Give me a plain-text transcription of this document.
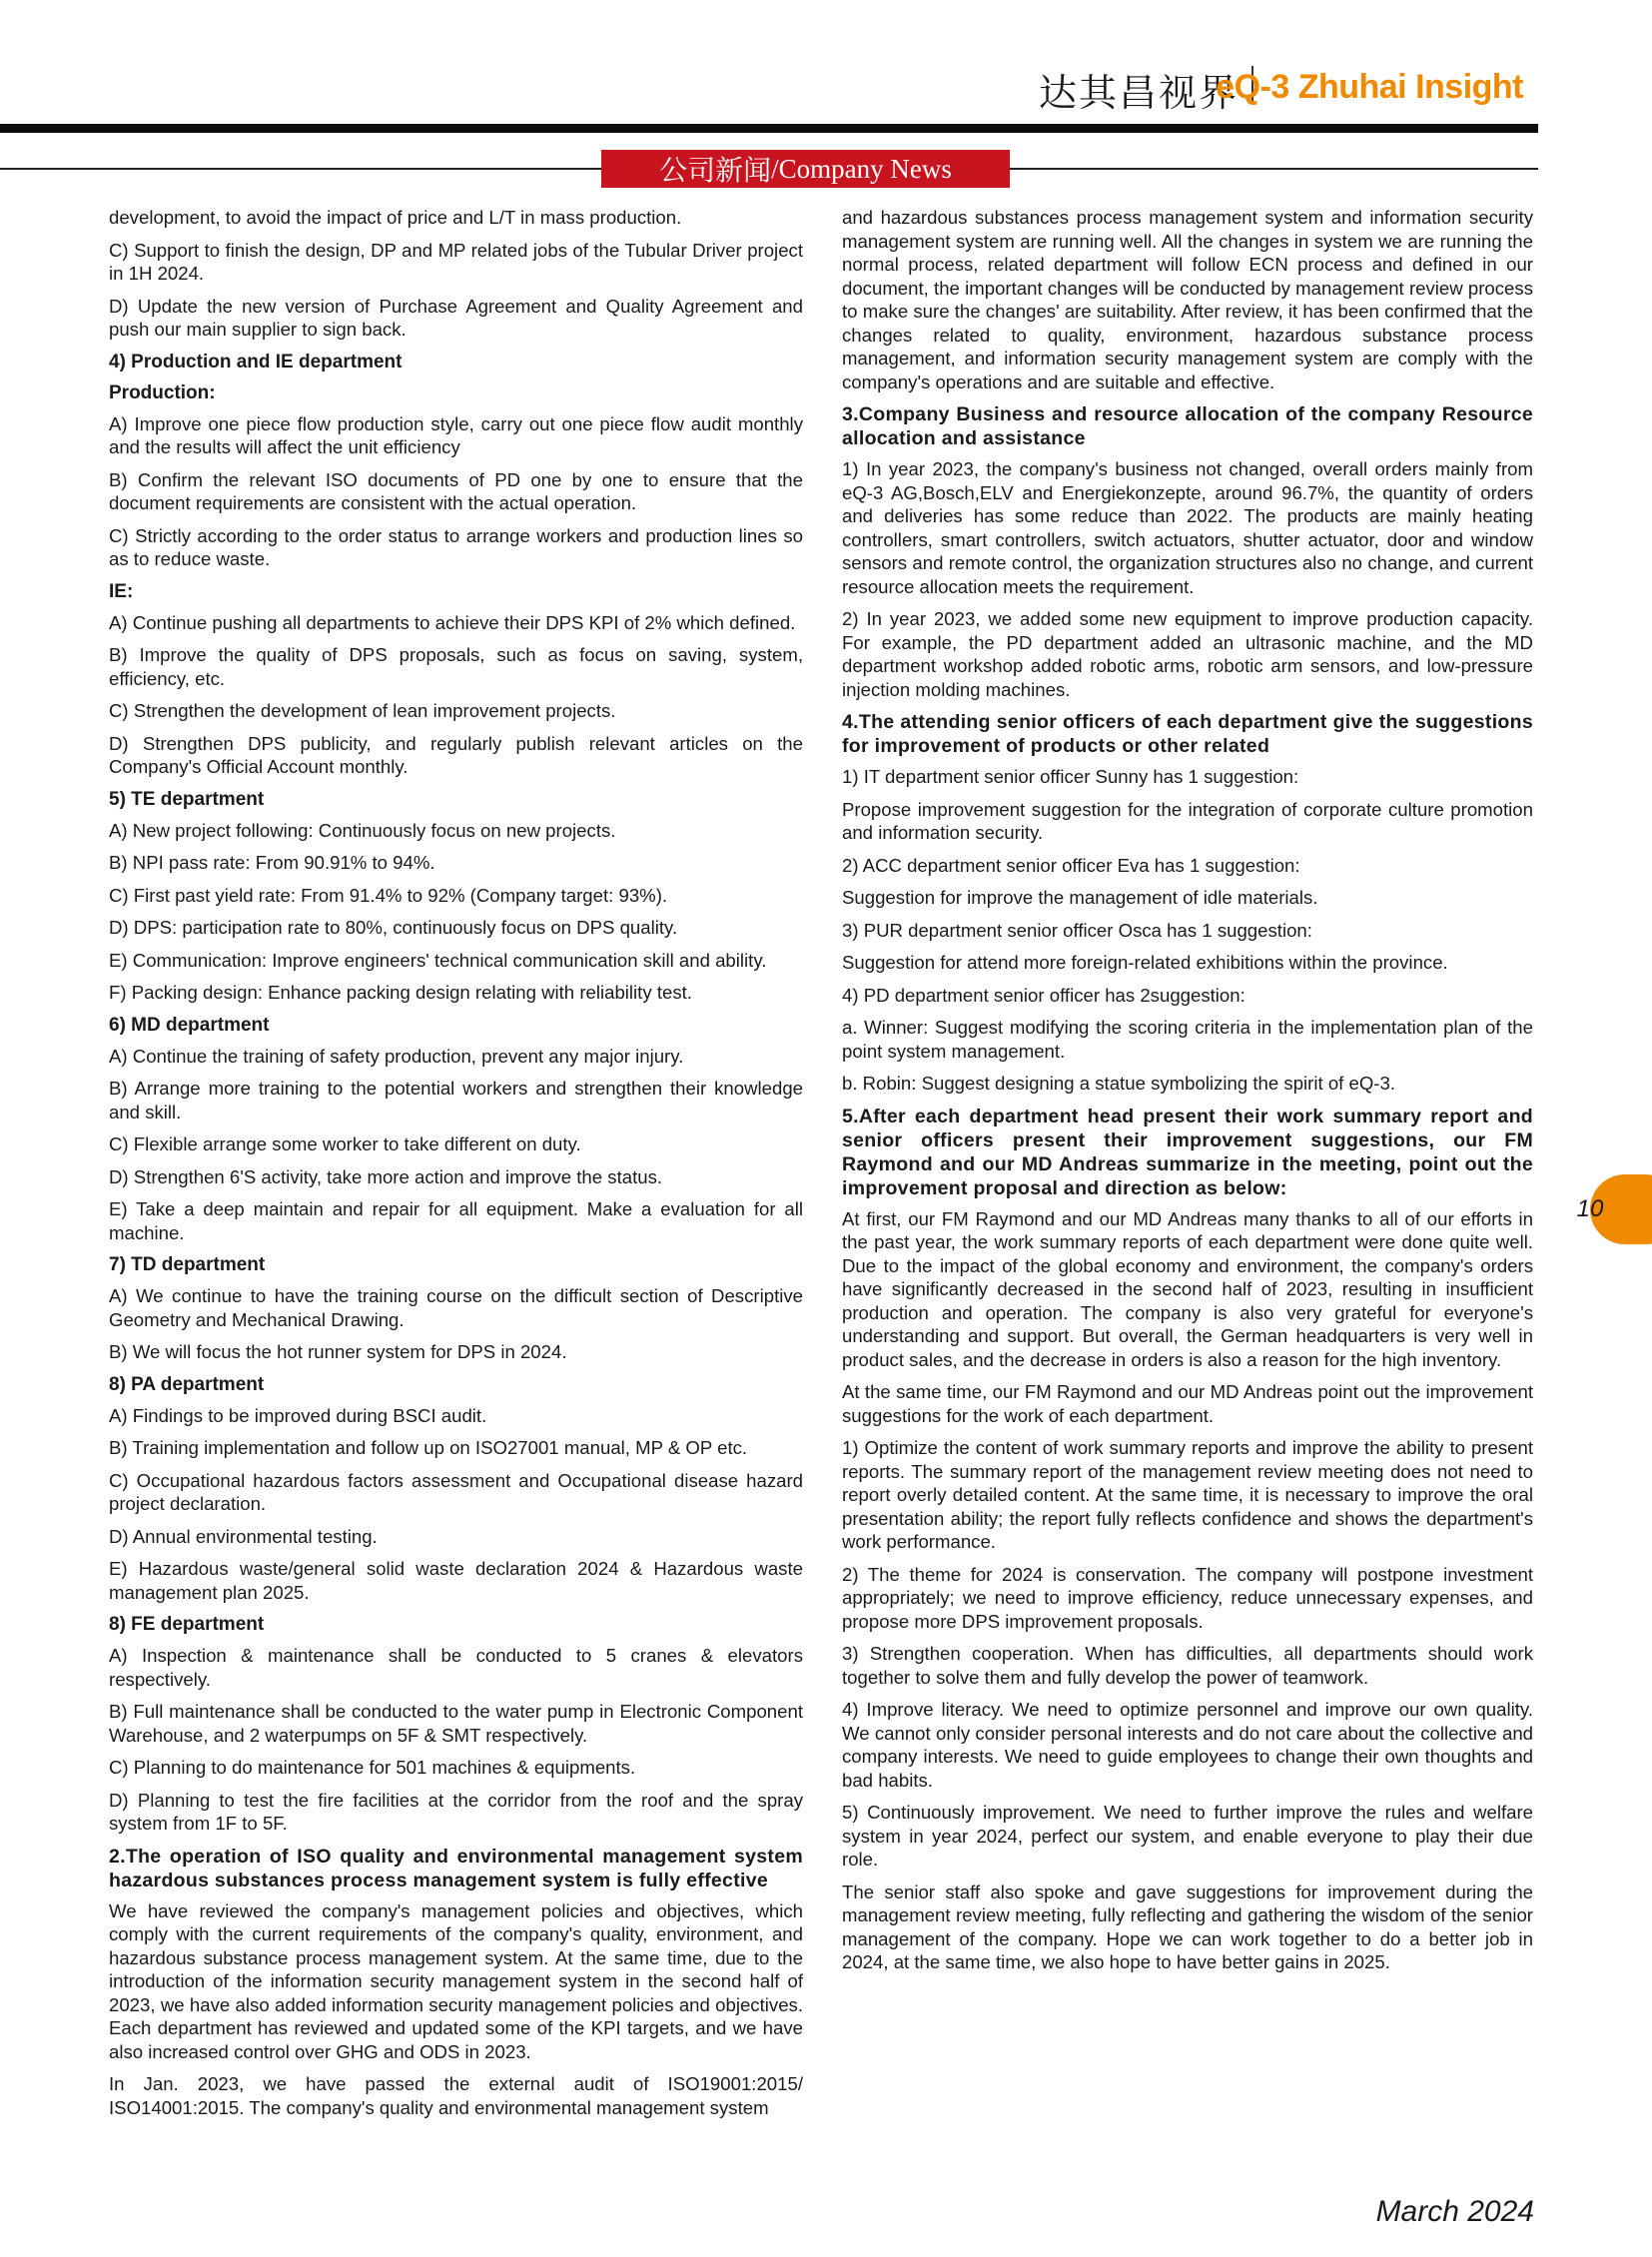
达其昌视界
eQ-3 Zhuhai Insight
公司新闻 / Company News

development, to avoid the impact of price and L/T in mass production.

C) Support to finish the design, DP and MP related jobs of the Tubular Driver project in 1H 2024.

D) Update the new version of Purchase Agreement and Quality Agreement and push our main supplier to sign back.

4) Production and IE department
Production:

A) Improve one piece flow production style, carry out one piece flow audit monthly and the results will affect the unit efficiency

B) Confirm the relevant ISO documents of PD one by one to ensure that the document requirements are consistent with the actual operation.

C) Strictly according to the order status to arrange workers and production lines so as to reduce waste.

IE:

A) Continue pushing all departments to achieve their DPS KPI of 2% which defined.

B) Improve the quality of DPS proposals, such as focus on saving, system, efficiency, etc.

C) Strengthen the development of lean improvement projects.

D) Strengthen DPS publicity, and regularly publish relevant articles on the Company's Official Account monthly.

5) TE department

A) New project following: Continuously focus on new projects.

B) NPI pass rate: From 90.91% to 94%.

C) First past yield rate: From 91.4% to 92% (Company target: 93%).

D) DPS: participation rate to 80%, continuously focus on DPS quality.

E) Communication: Improve engineers' technical communication skill and ability.

F) Packing design: Enhance packing design relating with reliability test.

6) MD department

A) Continue the training of safety production, prevent any major injury.

B) Arrange more training to the potential workers and strengthen their knowledge and skill.

C) Flexible arrange some worker to take different on duty.

D) Strengthen 6'S activity, take more action and improve the status.

E) Take a deep maintain and repair for all equipment. Make a evaluation for all machine.

7) TD department

A) We continue to have the training course on the difficult section of Descriptive Geometry and Mechanical Drawing.

B) We will focus the hot runner system for DPS in 2024.

8) PA department

A) Findings to be improved during BSCI audit.

B) Training implementation and follow up on ISO27001 manual, MP & OP etc.

C) Occupational hazardous factors assessment and Occupational disease hazard project declaration.

D) Annual environmental testing.

E) Hazardous waste/general solid waste declaration 2024 & Hazardous waste management plan 2025.

8) FE department

A) Inspection & maintenance shall be conducted to 5 cranes & elevators respectively.

B) Full maintenance shall be conducted to the water pump in Electronic Component Warehouse, and 2 waterpumps on 5F & SMT respectively.

C) Planning to do maintenance for 501 machines & equipments.

D) Planning to test the fire facilities at the corridor from the roof and the spray system from 1F to 5F.

2.The operation of ISO quality and environmental management system hazardous substances process management system is fully effective

We have reviewed the company's management policies and objectives, which comply with the current requirements of the company's quality, environment, and hazardous substance process management system. At the same time, due to the introduction of the information security management system in the second half of 2023, we have also added information security management policies and objectives. Each department has reviewed and updated some of the KPI targets, and we have also increased control over GHG and ODS in 2023.

In Jan. 2023, we have passed the external audit of ISO19001:2015/ ISO14001:2015. The company's quality and environmental management system

and hazardous substances process management system and information security management system are running well. All the changes in system we are running the normal process, related department will follow ECN process and defined in our document, the important changes will be conducted by management review process to make sure the changes' are suitability. After review, it has been confirmed that the changes related to quality, environment, hazardous substance process management, and information security management system are comply with the company's operations and are suitable and effective.

3.Company Business and resource allocation of the company Resource allocation and assistance

1) In year 2023, the company's business not changed, overall orders mainly from eQ-3 AG,Bosch,ELV and Energiekonzepte, around 96.7%, the quantity of orders and deliveries has some reduce than 2022. The products are mainly heating controllers, smart controllers, switch actuators, shutter actuator, door and window sensors and remote control, the organization structures also no change, and current resource allocation meets the requirement.

2) In year 2023, we added some new equipment to improve production capacity. For example, the PD department added an ultrasonic machine, and the MD department workshop added robotic arms, robotic arm sensors, and low-pressure injection molding machines.

4.The attending senior officers of each department give the suggestions for improvement of products or other related

1) IT department senior officer Sunny has 1 suggestion:

Propose improvement suggestion for the integration of corporate culture promotion and information security.

2) ACC department senior officer Eva has 1 suggestion:

Suggestion for improve the management of idle materials.

3) PUR department senior officer Osca has 1 suggestion:

Suggestion for attend more foreign-related exhibitions within the province.

4) PD department senior officer has 2suggestion:

a. Winner: Suggest modifying the scoring criteria in the implementation plan of the point system management.

b. Robin: Suggest designing a statue symbolizing the spirit of eQ-3.

5.After each department head present their work summary report and senior officers present their improvement suggestions, our FM Raymond and our MD Andreas summarize in the meeting, point out the improvement proposal and direction as below:

At first, our FM Raymond and our MD Andreas many thanks to all of our efforts in the past year, the work summary reports of each department were done quite well. Due to the impact of the global economy and environment, the company's orders have significantly decreased in the second half of 2023, resulting in insufficient production and operation. The company is also very grateful for everyone's understanding and support. But overall, the German headquarters is very well in product sales, and the decrease in orders is also a reason for the high inventory.

At the same time, our FM Raymond and our MD Andreas point out the improvement suggestions for the work of each department.

1) Optimize the content of work summary reports and improve the ability to present reports. The summary report of the management review meeting does not need to report overly detailed content. At the same time, it is necessary to improve the oral presentation ability; the report fully reflects confidence and shows the department's work performance.

2) The theme for 2024 is conservation. The company will postpone investment appropriately; we need to improve efficiency, reduce unnecessary expenses, and propose more DPS improvement proposals.

3) Strengthen cooperation. When has difficulties, all departments should work together to solve them and fully develop the power of teamwork.

4) Improve literacy. We need to optimize personnel and improve our own quality. We cannot only consider personal interests and do not care about the collective and company interests. We need to guide employees to change their own thoughts and bad habits.

5) Continuously improvement. We need to further improve the rules and welfare system in year 2024, perfect our system, and enable everyone to play their due role.

The senior staff also spoke and gave suggestions for improvement during the management review meeting, fully reflecting and gathering the wisdom of the senior management of the company. Hope we can work together to do a better job in 2024, at the same time, we also hope to have better gains in 2025.

10
March 2024
